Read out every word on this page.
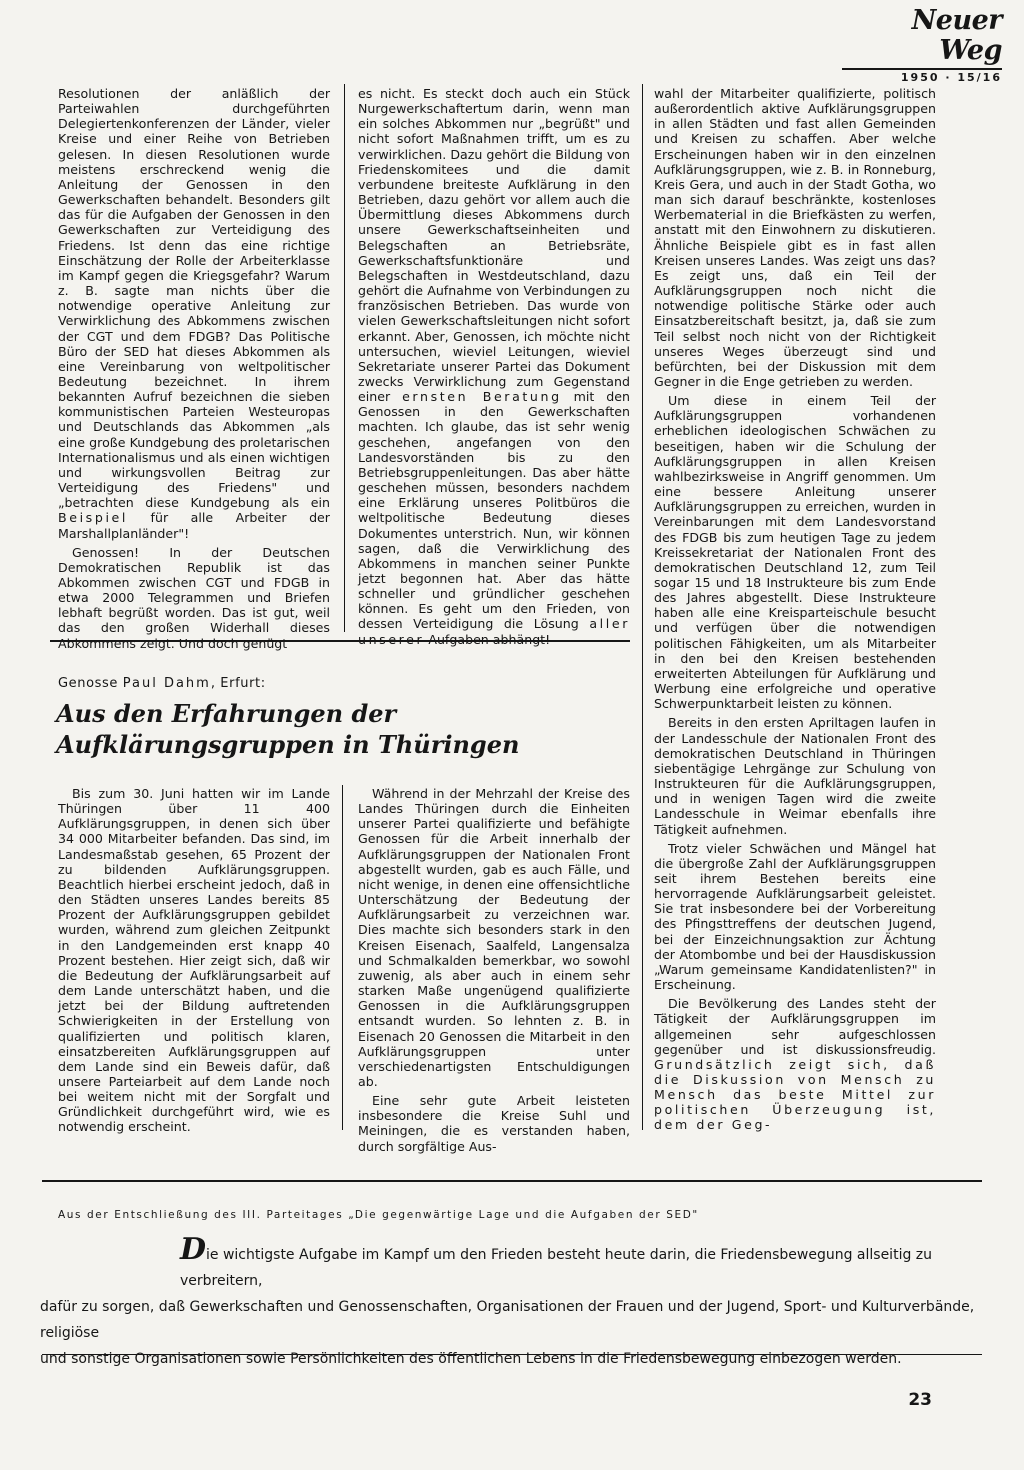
Neuer Weg
1950 · 15/16

Resolutionen der anläßlich der Parteiwahlen durchgeführten Delegiertenkonferenzen der Länder, vieler Kreise und einer Reihe von Betrieben gelesen. In diesen Resolutionen wurde meistens erschreckend wenig die Anleitung der Genossen in den Gewerkschaften behandelt. Besonders gilt das für die Aufgaben der Genossen in den Gewerkschaften zur Verteidigung des Friedens. Ist denn das eine richtige Einschätzung der Rolle der Arbeiterklasse im Kampf gegen die Kriegsgefahr? Warum z. B. sagte man nichts über die notwendige operative Anleitung zur Verwirklichung des Abkommens zwischen der CGT und dem FDGB? Das Politische Büro der SED hat dieses Abkommen als eine Vereinbarung von weltpolitischer Bedeutung bezeichnet. In ihrem bekannten Aufruf bezeichnen die sieben kommunistischen Parteien Westeuropas und Deutschlands das Abkommen „als eine große Kundgebung des proletarischen Internationalismus und als einen wichtigen und wirkungsvollen Beitrag zur Verteidigung des Friedens" und „betrachten diese Kundgebung als ein Beispiel für alle Arbeiter der Marshallplanländer"!

Genossen! In der Deutschen Demokratischen Republik ist das Abkommen zwischen CGT und FDGB in etwa 2000 Telegrammen und Briefen lebhaft begrüßt worden. Das ist gut, weil das den großen Widerhall dieses Abkommens zeigt. Und doch genügt

es nicht. Es steckt doch auch ein Stück Nurgewerkschaftertum darin, wenn man ein solches Abkommen nur „begrüßt" und nicht sofort Maßnahmen trifft, um es zu verwirklichen. Dazu gehört die Bildung von Friedenskomitees und die damit verbundene breiteste Aufklärung in den Betrieben, dazu gehört vor allem auch die Übermittlung dieses Abkommens durch unsere Gewerkschaftseinheiten und Belegschaften an Betriebsräte, Gewerkschaftsfunktionäre und Belegschaften in Westdeutschland, dazu gehört die Aufnahme von Verbindungen zu französischen Betrieben. Das wurde von vielen Gewerkschaftsleitungen nicht sofort erkannt. Aber, Genossen, ich möchte nicht untersuchen, wieviel Leitungen, wieviel Sekretariate unserer Partei das Dokument zwecks Verwirklichung zum Gegenstand einer ernsten Beratung mit den Genossen in den Gewerkschaften machten. Ich glaube, das ist sehr wenig geschehen, angefangen von den Landesvorständen bis zu den Betriebsgruppenleitungen. Das aber hätte geschehen müssen, besonders nachdem eine Erklärung unseres Politbüros die weltpolitische Bedeutung dieses Dokumentes unterstrich. Nun, wir können sagen, daß die Verwirklichung des Abkommens in manchen seiner Punkte jetzt begonnen hat. Aber das hätte schneller und gründlicher geschehen können. Es geht um den Frieden, von dessen Verteidigung die Lösung aller unserer Aufgaben abhängt!

wahl der Mitarbeiter qualifizierte, politisch außerordentlich aktive Aufklärungsgruppen in allen Städten und fast allen Gemeinden und Kreisen zu schaffen. Aber welche Erscheinungen haben wir in den einzelnen Aufklärungsgruppen, wie z. B. in Ronneburg, Kreis Gera, und auch in der Stadt Gotha, wo man sich darauf beschränkte, kostenloses Werbematerial in die Briefkästen zu werfen, anstatt mit den Einwohnern zu diskutieren. Ähnliche Beispiele gibt es in fast allen Kreisen unseres Landes. Was zeigt uns das? Es zeigt uns, daß ein Teil der Aufklärungsgruppen noch nicht die notwendige politische Stärke oder auch Einsatzbereitschaft besitzt, ja, daß sie zum Teil selbst noch nicht von der Richtigkeit unseres Weges überzeugt sind und befürchten, bei der Diskussion mit dem Gegner in die Enge getrieben zu werden.

Um diese in einem Teil der Aufklärungsgruppen vorhandenen erheblichen ideologischen Schwächen zu beseitigen, haben wir die Schulung der Aufklärungsgruppen in allen Kreisen wahlbezirksweise in Angriff genommen. Um eine bessere Anleitung unserer Aufklärungsgruppen zu erreichen, wurden in Vereinbarungen mit dem Landesvorstand des FDGB bis zum heutigen Tage zu jedem Kreissekretariat der Nationalen Front des demokratischen Deutschland 12, zum Teil sogar 15 und 18 Instrukteure bis zum Ende des Jahres abgestellt. Diese Instrukteure haben alle eine Kreisparteischule besucht und verfügen über die notwendigen politischen Fähigkeiten, um als Mitarbeiter in den bei den Kreisen bestehenden erweiterten Abteilungen für Aufklärung und Werbung eine erfolgreiche und operative Schwerpunktarbeit leisten zu können.

Bereits in den ersten Apriltagen laufen in der Landesschule der Nationalen Front des demokratischen Deutschland in Thüringen siebentägige Lehrgänge zur Schulung von Instrukteuren für die Aufklärungsgruppen, und in wenigen Tagen wird die zweite Landesschule in Weimar ebenfalls ihre Tätigkeit aufnehmen.

Trotz vieler Schwächen und Mängel hat die übergroße Zahl der Aufklärungsgruppen seit ihrem Bestehen bereits eine hervorragende Aufklärungsarbeit geleistet. Sie trat insbesondere bei der Vorbereitung des Pfingsttreffens der deutschen Jugend, bei der Einzeichnungsaktion zur Ächtung der Atombombe und bei der Hausdiskussion „Warum gemeinsame Kandidatenlisten?" in Erscheinung.

Die Bevölkerung des Landes steht der Tätigkeit der Aufklärungsgruppen im allgemeinen sehr aufgeschlossen gegenüber und ist diskussionsfreudig. Grundsätzlich zeigt sich, daß die Diskussion von Mensch zu Mensch das beste Mittel zur politischen Überzeugung ist, dem der Geg-

Genosse Paul Dahm, Erfurt:
Aus den Erfahrungen der Aufklärungsgruppen in Thüringen

Bis zum 30. Juni hatten wir im Lande Thüringen über 11 400 Aufklärungsgruppen, in denen sich über 34 000 Mitarbeiter befanden. Das sind, im Landesmaßstab gesehen, 65 Prozent der zu bildenden Aufklärungsgruppen. Beachtlich hierbei erscheint jedoch, daß in den Städten unseres Landes bereits 85 Prozent der Aufklärungsgruppen gebildet wurden, während zum gleichen Zeitpunkt in den Landgemeinden erst knapp 40 Prozent bestehen. Hier zeigt sich, daß wir die Bedeutung der Aufklärungsarbeit auf dem Lande unterschätzt haben, und die jetzt bei der Bildung auftretenden Schwierigkeiten in der Erstellung von qualifizierten und politisch klaren, einsatzbereiten Aufklärungsgruppen auf dem Lande sind ein Beweis dafür, daß unsere Parteiarbeit auf dem Lande noch bei weitem nicht mit der Sorgfalt und Gründlichkeit durchgeführt wird, wie es notwendig erscheint.

Während in der Mehrzahl der Kreise des Landes Thüringen durch die Einheiten unserer Partei qualifizierte und befähigte Genossen für die Arbeit innerhalb der Aufklärungsgruppen der Nationalen Front abgestellt wurden, gab es auch Fälle, und nicht wenige, in denen eine offensichtliche Unterschätzung der Bedeutung der Aufklärungsarbeit zu verzeichnen war. Dies machte sich besonders stark in den Kreisen Eisenach, Saalfeld, Langensalza und Schmalkalden bemerkbar, wo sowohl zuwenig, als aber auch in einem sehr starken Maße ungenügend qualifizierte Genossen in die Aufklärungsgruppen entsandt wurden. So lehnten z. B. in Eisenach 20 Genossen die Mitarbeit in den Aufklärungsgruppen unter verschiedenartigsten Entschuldigungen ab.

Eine sehr gute Arbeit leisteten insbesondere die Kreise Suhl und Meiningen, die es verstanden haben, durch sorgfältige Aus-

Aus der Entschließung des III. Parteitages „Die gegenwärtige Lage und die Aufgaben der SED"
Die wichtigste Aufgabe im Kampf um den Frieden besteht heute darin, die Friedensbewegung allseitig zu verbreitern,
dafür zu sorgen, daß Gewerkschaften und Genossenschaften, Organisationen der Frauen und der Jugend, Sport- und Kulturverbände, religiöse
und sonstige Organisationen sowie Persönlichkeiten des öffentlichen Lebens in die Friedensbewegung einbezogen werden.
23
